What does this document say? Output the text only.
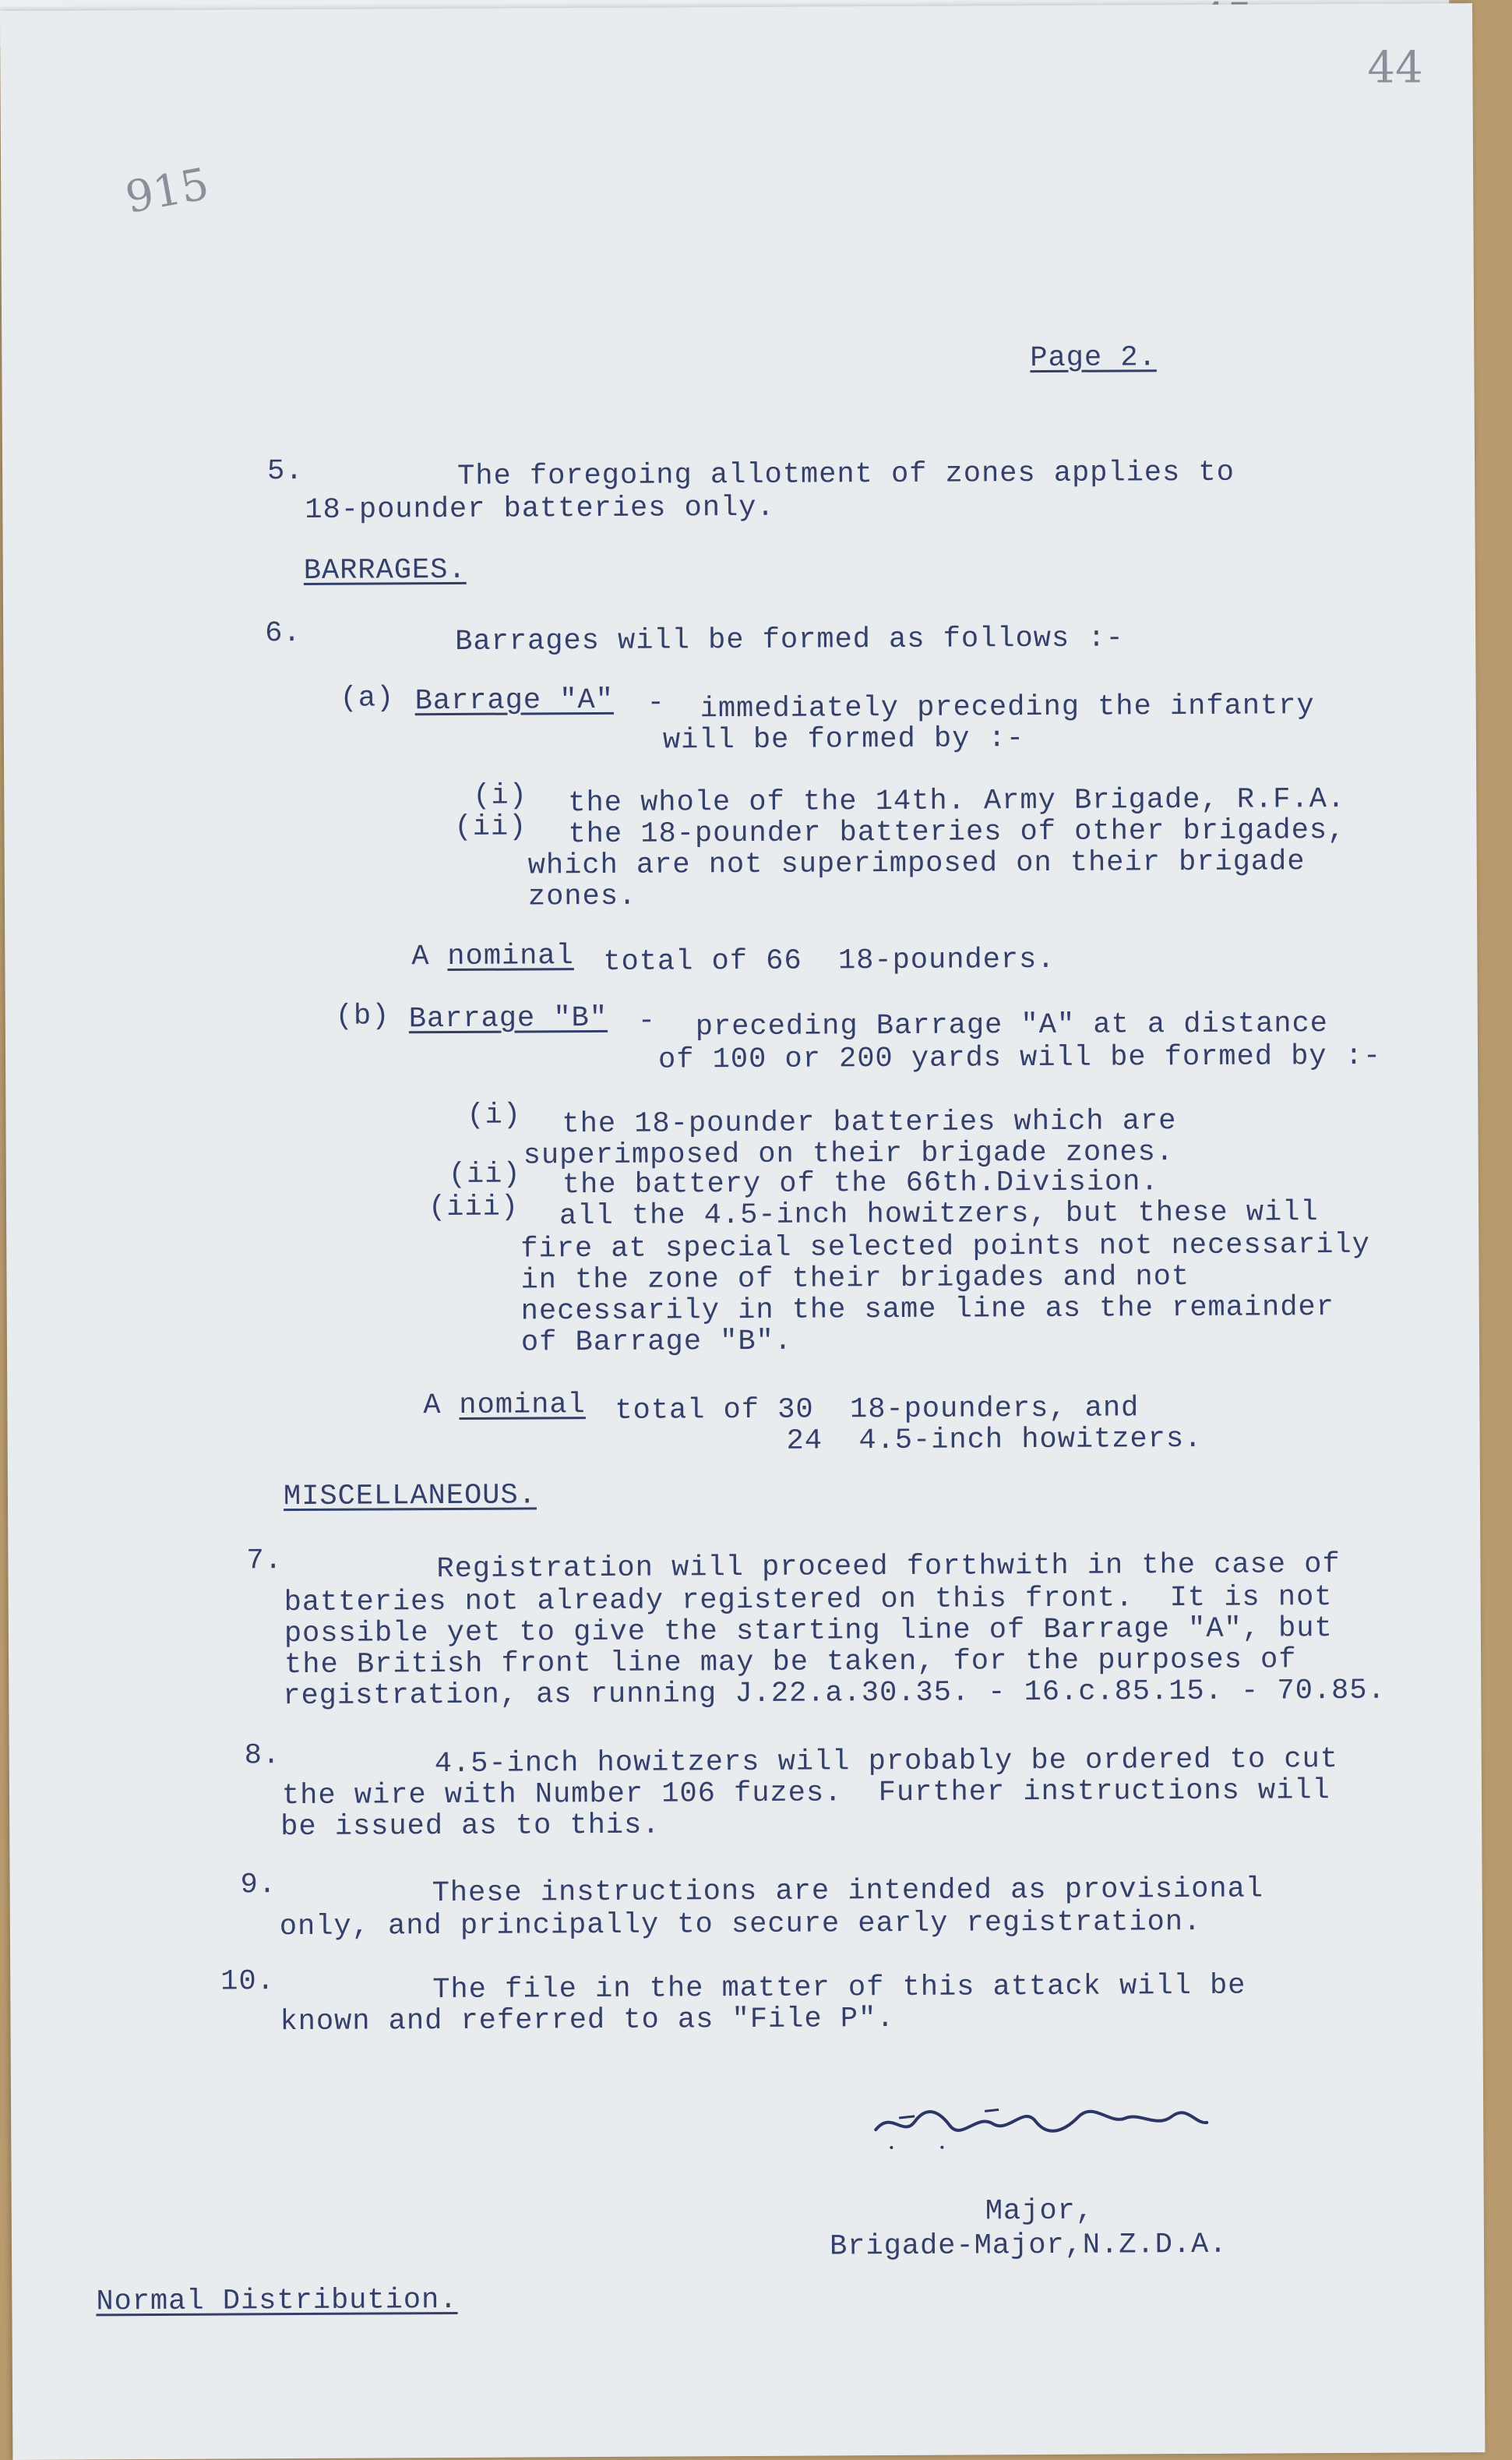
44
915
Page 2.
5.	The foregoing allotment of zones applies to
18-pounder batteries only.
BARRAGES.
6.	Barrages will be formed as follows :-
(a) Barrage "A" - immediately preceding the infantry
will be formed by :-
(i) the whole of the 14th. Army Brigade, R.F.A.
(ii) the 18-pounder batteries of other brigades,
which are not superimposed on their brigade
zones.
A nominal total of 66  18-pounders.
(b) Barrage "B" - preceding Barrage "A" at a distance
of 100 or 200 yards will be formed by :-
(i) the 18-pounder batteries which are
superimposed on their brigade zones.
(ii) the battery of the 66th.Division.
(iii) all the 4.5-inch howitzers, but these will
fire at special selected points not necessarily
in the zone of their brigades and not
necessarily in the same line as the remainder
of Barrage "B".
A nominal total of 30  18-pounders, and
24  4.5-inch howitzers.
MISCELLANEOUS.
7.	Registration will proceed forthwith in the case of
batteries not already registered on this front.  It is not
possible yet to give the starting line of Barrage "A", but
the British front line may be taken, for the purposes of
registration, as running J.22.a.30.35. - 16.c.85.15. - 70.85.
8.	4.5-inch howitzers will probably be ordered to cut
the wire with Number 106 fuzes.  Further instructions will
be issued as to this.
9.	These instructions are intended as provisional
only, and principally to secure early registration.
10.	The file in the matter of this attack will be
known and referred to as "File P".
Major,
Brigade-Major,N.Z.D.A.
Normal Distribution.
